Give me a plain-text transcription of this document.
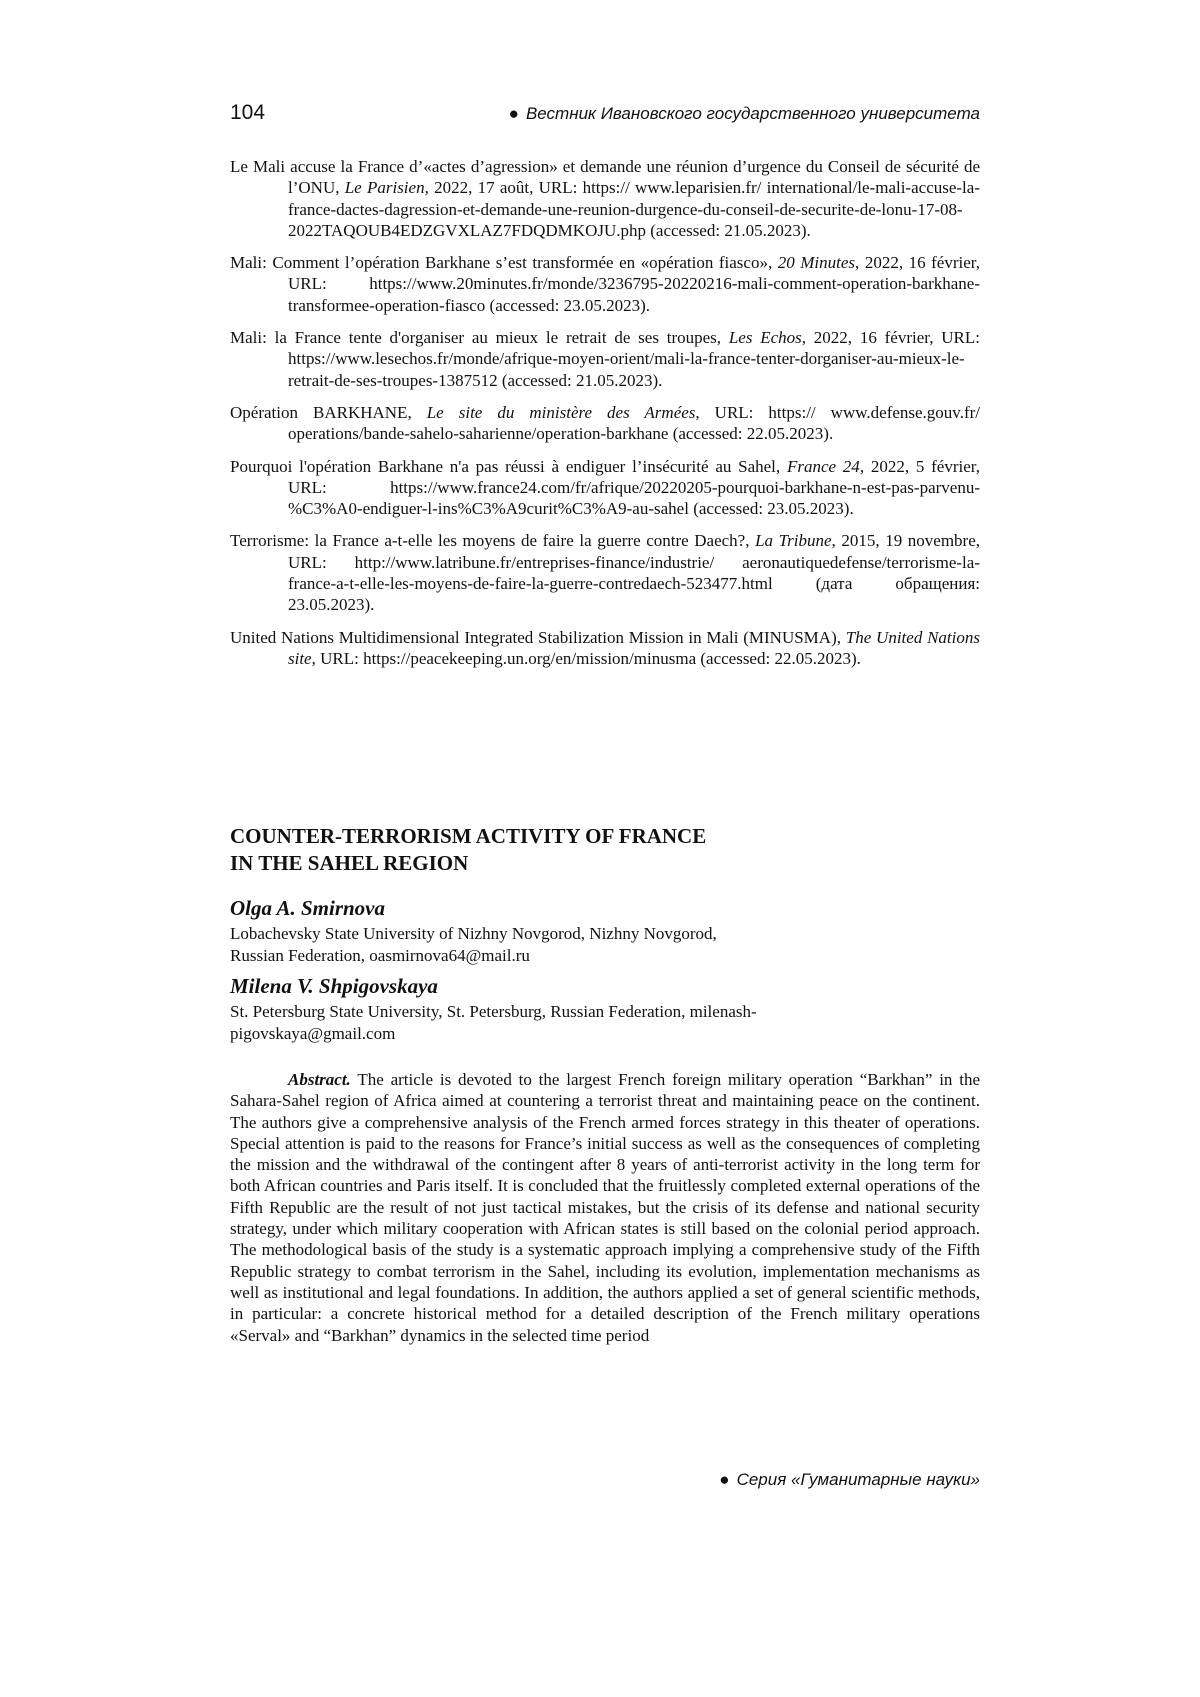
104	● Вестник Ивановского государственного университета

Le Mali accuse la France d’«actes d’agression» et demande une réunion d’urgence du Conseil de sécurité de l’ONU, Le Parisien, 2022, 17 août, URL: https:// www.leparisien.fr/ international/le-mali-accuse-la-france-dactes-dagression-et-demande-une-reunion-durgence-du-conseil-de-securite-de-lonu-17-08-2022TAQOUB4EDZGVXLAZ7FDQDMKOJU.php (accessed: 21.05.2023).

Mali: Comment l’opération Barkhane s’est transformée en «opération fiasco», 20 Minutes, 2022, 16 février, URL: https://www.20minutes.fr/monde/3236795-20220216-mali-comment-operation-barkhane-transformee-operation-fiasco (accessed: 23.05.2023).

Mali: la France tente d'organiser au mieux le retrait de ses troupes, Les Echos, 2022, 16 février, URL: https://www.lesechos.fr/monde/afrique-moyen-orient/mali-la-france-tenter-dorganiser-au-mieux-le-retrait-de-ses-troupes-1387512 (accessed: 21.05.2023).

Opération BARKHANE, Le site du ministère des Armées, URL: https:// www.defense.gouv.fr/ operations/bande-sahelo-saharienne/operation-barkhane (accessed: 22.05.2023).

Pourquoi l'opération Barkhane n'a pas réussi à endiguer l’insécurité au Sahel, France 24, 2022, 5 février, URL: https://www.france24.com/fr/afrique/20220205-pourquoi-barkhane-n-est-pas-parvenu-%C3%A0-endiguer-l-ins%C3%A9curit%C3%A9-au-sahel (accessed: 23.05.2023).

Terrorisme: la France a-t-elle les moyens de faire la guerre contre Daech?, La Tribune, 2015, 19 novembre, URL: http://www.latribune.fr/entreprises-finance/industrie/ aeronautiquedefense/terrorisme-la-france-a-t-elle-les-moyens-de-faire-la-guerre-contredaech-523477.html (дата обращения: 23.05.2023).

United Nations Multidimensional Integrated Stabilization Mission in Mali (MINUSMA), The United Nations site, URL: https://peacekeeping.un.org/en/mission/minusma (accessed: 22.05.2023).

COUNTER-TERRORISM ACTIVITY OF FRANCE
IN THE SAHEL REGION

Olga A. Smirnova

Lobachevsky State University of Nizhny Novgorod, Nizhny Novgorod,
Russian Federation, oasmirnova64@mail.ru

Milena V. Shpigovskaya

St. Petersburg State University, St. Petersburg, Russian Federation, milenash-
pigovskaya@gmail.com

Abstract. The article is devoted to the largest French foreign military operation “Barkhan” in the Sahara-Sahel region of Africa aimed at countering a terrorist threat and maintaining peace on the continent. The authors give a comprehensive analysis of the French armed forces strategy in this theater of operations. Special attention is paid to the reasons for France’s initial success as well as the consequences of completing the mission and the withdrawal of the contingent after 8 years of anti-terrorist activity in the long term for both African countries and Paris itself. It is concluded that the fruitlessly completed external operations of the Fifth Republic are the result of not just tactical mistakes, but the crisis of its defense and national security strategy, under which military cooperation with African states is still based on the colonial period approach. The methodological basis of the study is a systematic approach implying a comprehensive study of the Fifth Republic strategy to combat terrorism in the Sahel, including its evolution, implementation mechanisms as well as institutional and legal foundations. In addition, the authors applied a set of general scientific methods, in particular: a concrete historical method for a detailed description of the French military operations «Serval» and “Barkhan” dynamics in the selected time period

● Серия «Гуманитарные науки»
